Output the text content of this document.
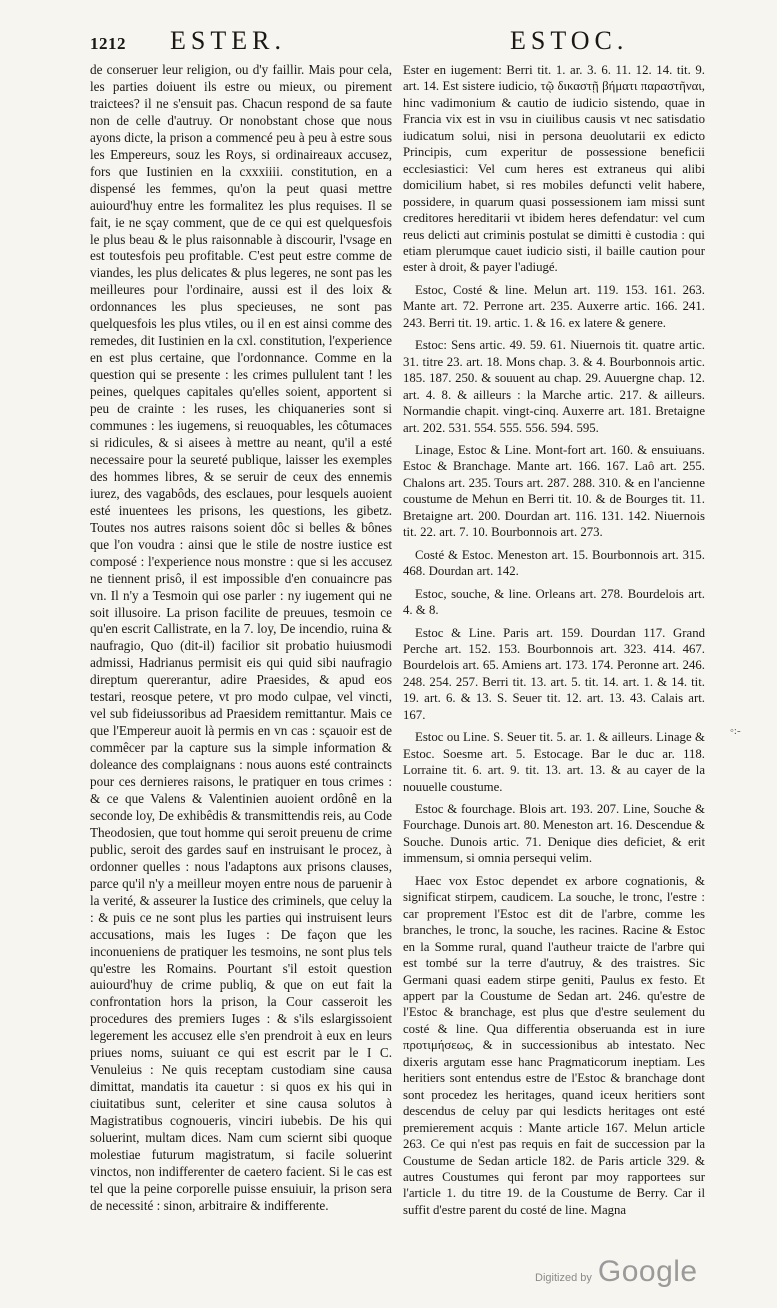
1212 ESTER.	ESTOC.

de conseruer leur religion, ou d'y faillir. Mais pour cela, les parties doiuent ils estre ou mieux, ou pirement traictees? il ne s'ensuit pas. Chacun respond de sa faute non de celle d'autruy. Or nonobstant chose que nous ayons dicte, la prison a commencé peu à peu à estre sous les Empereurs, souz les Roys, si ordinaireaux accusez, fors que Iustinien en la cxxxiiii. constitution, en a dispensé les femmes, qu'on la peut quasi mettre auiourd'huy entre les formalitez les plus requises. Il se fait, ie ne sçay comment, que de ce qui est quelquesfois le plus beau & le plus raisonnable à discourir, l'vsage en est toutesfois peu profitable. C'est peut estre comme de viandes, les plus delicates & plus legeres, ne sont pas les meilleures pour l'ordinaire, aussi est il des loix & ordonnances les plus specieuses, ne sont pas quelquesfois les plus vtiles, ou il en est ainsi comme des remedes, dit Iustinien en la cxl. constitution, l'experience en est plus certaine, que l'ordonnance. Comme en la question qui se presente : les crimes pullulent tant ! les peines, quelques capitales qu'elles soient, apportent si peu de crainte : les ruses, les chiquaneries sont si communes : les iugemens, si reuoquables, les côtumaces si ridicules, & si aisees à mettre au neant, qu'il a esté necessaire pour la seureté publique, laisser les exemples des hommes libres, & se seruir de ceux des ennemis iurez, des vagabôds, des esclaues, pour lesquels auoient esté inuentees les prisons, les questions, les gibetz. Toutes nos autres raisons soient dôc si belles & bônes que l'on voudra : ainsi que le stile de nostre iustice est composé : l'experience nous monstre : que si les accusez ne tiennent prisô, il est impossible d'en conuaincre pas vn. Il n'y a Tesmoin qui ose parler : ny iugement qui ne soit illusoire. La prison facilite de preuues, tesmoin ce qu'en escrit Callistrate, en la 7. loy, De incendio, ruina & naufragio, Quo (dit-il) facilior sit probatio huiusmodi admissi, Hadrianus permisit eis qui quid sibi naufragio direptum quererantur, adire Praesides, & apud eos testari, reosque petere, vt pro modo culpae, vel vincti, vel sub fideiussoribus ad Praesidem remittantur. Mais ce que l'Empereur auoit là permis en vn cas : sçauoir est de commêcer par la capture sus la simple information & doleance des complaignans : nous auons esté contraincts pour ces dernieres raisons, le pratiquer en tous crimes : & ce que Valens & Valentinien auoient ordônê en la seconde loy, De exhibêdis & transmittendis reis, au Code Theodosien, que tout homme qui seroit preuenu de crime public, seroit des gardes sauf en instruisant le procez, à ordonner quelles : nous l'adaptons aux prisons clauses, parce qu'il n'y a meilleur moyen entre nous de paruenir à la verité, & asseurer la Iustice des criminels, que celuy la : & puis ce ne sont plus les parties qui instruisent leurs accusations, mais les Iuges : De façon que les inconueniens de pratiquer les tesmoins, ne sont plus tels qu'estre les Romains. Pourtant s'il estoit question auiourd'huy de crime publiq, & que on eut fait la confrontation hors la prison, la Cour casseroit les procedures des premiers Iuges : & s'ils eslargissoient legerement les accusez elle s'en prendroit à eux en leurs priues noms, suiuant ce qui est escrit par le I C. Venuleius : Ne quis receptam custodiam sine causa dimittat, mandatis ita cauetur : si quos ex his qui in ciuitatibus sunt, celeriter et sine causa solutos à Magistratibus cognoueris, vinciri iubebis. De his qui soluerint, multam dices. Nam cum sciernt sibi quoque molestiae futurum magistratum, si facile soluerint vinctos, non indifferenter de caetero facient. Si le cas est tel que la peine corporelle puisse ensuiuir, la prison sera de necessité : sinon, arbitraire & indifferente.

Ester en iugement: Berri tit. 1. ar. 3. 6. 11. 12. 14. tit. 9. art. 14. Est sistere iudicio, τῷ δικαστῇ βήματι παραστῆναι, hinc vadimonium & cautio de iudicio sistendo, quae in Francia vix est in vsu in ciuilibus causis vt nec satisdatio iudicatum solui, nisi in persona deuolutarii ex edicto Principis, cum experitur de possessione beneficii ecclesiastici: Vel cum heres est extraneus qui alibi domicilium habet, si res mobiles defuncti velit habere, possidere, in quarum quasi possessionem iam missi sunt creditores hereditarii vt ibidem heres defendatur: vel cum reus delicti aut criminis postulat se dimitti è custodia : qui etiam plerumque cauet iudicio sisti, il baille caution pour ester à droit, & payer l'adiugé.

Estoc, Costé & line. Melun art. 119. 153. 161. 263. Mante art. 72. Perrone art. 235. Auxerre artic. 166. 241. 243. Berri tit. 19. artic. 1. & 16. ex latere & genere.

Estoc: Sens artic. 49. 59. 61. Niuernois tit. quatre artic. 31. titre 23. art. 18. Mons chap. 3. & 4. Bourbonnois artic. 185. 187. 250. & souuent au chap. 29. Auuergne chap. 12. art. 4. 8. & ailleurs : la Marche artic. 217. & ailleurs. Normandie chapit. vingt-cinq. Auxerre art. 181. Bretaigne art. 202. 531. 554. 555. 556. 594. 595.

Linage, Estoc & Line. Mont-fort art. 160. & ensuiuans. Estoc & Branchage. Mante art. 166. 167. Laô art. 255. Chalons art. 235. Tours art. 287. 288. 310. & en l'ancienne coustume de Mehun en Berri tit. 10. & de Bourges tit. 11. Bretaigne art. 200. Dourdan art. 116. 131. 142. Niuernois tit. 22. art. 7. 10. Bourbonnois art. 273.

Costé & Estoc. Meneston art. 15. Bourbonnois art. 315. 468. Dourdan art. 142.

Estoc, souche, & line. Orleans art. 278. Bourdelois art. 4. & 8.

Estoc & Line. Paris art. 159. Dourdan 117. Grand Perche art. 152. 153. Bourbonnois art. 323. 414. 467. Bourdelois art. 65. Amiens art. 173. 174. Peronne art. 246. 248. 254. 257. Berri tit. 13. art. 5. tit. 14. art. 1. & 14. tit. 19. art. 6. & 13. S. Seuer tit. 12. art. 13. 43. Calais art. 167.

Estoc ou Line. S. Seuer tit. 5. ar. 1. & ailleurs. Linage & Estoc. Soesme art. 5. Estocage. Bar le duc ar. 118. Lorraine tit. 6. art. 9. tit. 13. art. 13. & au cayer de la nouuelle coustume.

Estoc & fourchage. Blois art. 193. 207. Line, Souche & Fourchage. Dunois art. 80. Meneston art. 16. Descendue & Souche. Dunois artic. 71. Denique dies deficiet, & erit immensum, si omnia persequi velim.

Haec vox Estoc dependet ex arbore cognationis, & significat stirpem, caudicem. La souche, le tronc, l'estre : car proprement l'Estoc est dit de l'arbre, comme les branches, le tronc, la souche, les racines. Racine & Estoc en la Somme rural, quand l'autheur traicte de l'arbre qui est tombé sur la terre d'autruy, & des traistres. Sic Germani quasi eadem stirpe geniti, Paulus ex festo. Et appert par la Coustume de Sedan art. 246. qu'estre de l'Estoc & branchage, est plus que d'estre seulement du costé & line. Qua differentia obseruanda est in iure προτιμήσεως, & in successionibus ab intestato. Nec dixeris argutam esse hanc Pragmaticorum ineptiam. Les heritiers sont entendus estre de l'Estoc & branchage dont sont procedez les heritages, quand iceux heritiers sont descendus de celuy par qui lesdicts heritages ont esté premierement acquis : Mante article 167. Melun article 263. Ce qui n'est pas requis en fait de succession par la Coustume de Sedan article 182. de Paris article 329. & autres Coustumes qui feront par moy rapportees sur l'article 1. du titre 19. de la Coustume de Berry. Car il suffit d'estre parent du costé de line. Magna

◦:-
Digitized by Google
